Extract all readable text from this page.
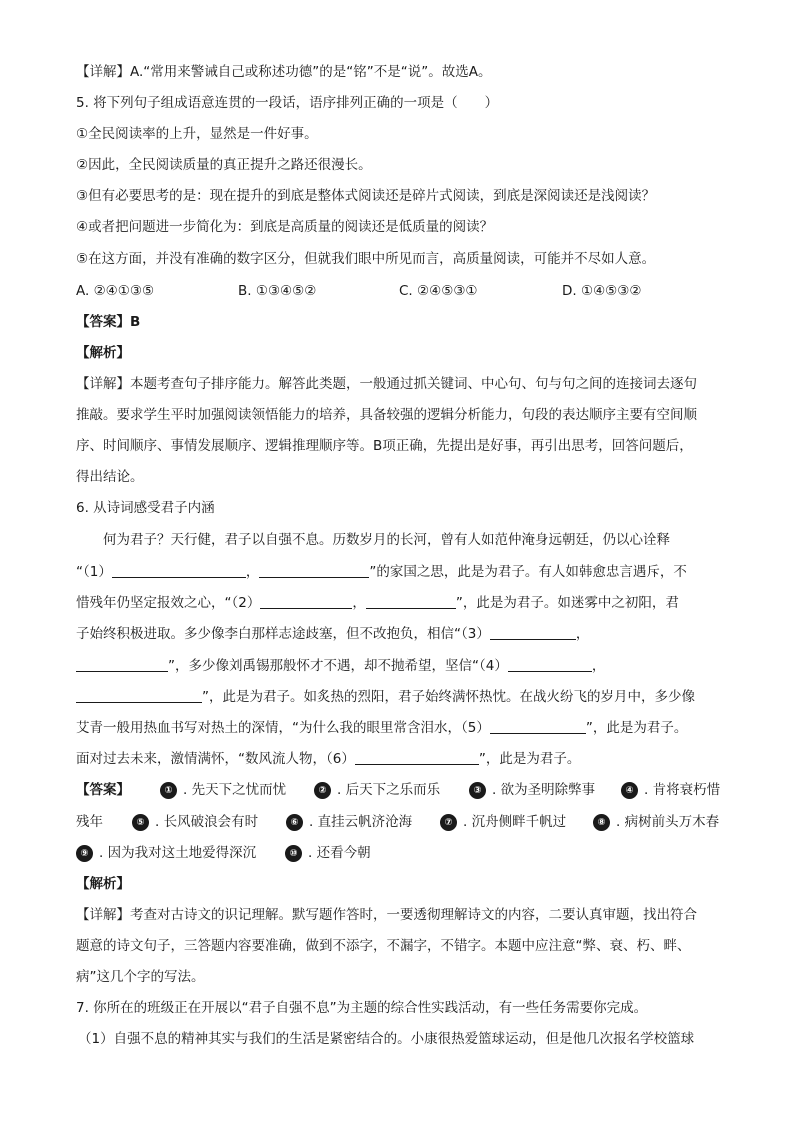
【详解】A.“常用来警诫自己或称述功德”的是“铭”不是“说”。故选A。
5. 将下列句子组成语意连贯的一段话，语序排列正确的一项是（　　）
①全民阅读率的上升，显然是一件好事。
②因此，全民阅读质量的真正提升之路还很漫长。
③但有必要思考的是：现在提升的到底是整体式阅读还是碎片式阅读，到底是深阅读还是浅阅读？
④或者把问题进一步简化为：到底是高质量的阅读还是低质量的阅读？
⑤在这方面，并没有准确的数字区分，但就我们眼中所见而言，高质量阅读，可能并不尽如人意。
A. ②④①③⑤	B. ①③④⑤②	C. ②④⑤③①	D. ①④⑤③②
【答案】B
【解析】
【详解】本题考查句子排序能力。解答此类题，一般通过抓关键词、中心句、句与句之间的连接词去逐句
推敲。要求学生平时加强阅读领悟能力的培养，具备较强的逻辑分析能力，句段的表达顺序主要有空间顺
序、时间顺序、事情发展顺序、逻辑推理顺序等。B项正确，先提出是好事，再引出思考，回答问题后，
得出结论。
6. 从诗词感受君子内涵
何为君子？天行健，君子以自强不息。历数岁月的长河，曾有人如范仲淹身远朝廷，仍以心诠释
“（1）	，	”的家国之思，此是为君子。有人如韩愈忠言遇斥，不
惜残年仍坚定报效之心，“（2）	，	”，此是为君子。如迷雾中之初阳，君
子始终积极进取。多少像李白那样志途歧塞，但不改抱负，相信“（3）	，
”，多少像刘禹锡那般怀才不遇，却不抛希望，坚信“（4）	，
”，此是为君子。如炙热的烈阳，君子始终满怀热忱。在战火纷飞的岁月中，多少像
艾青一般用热血书写对热土的深情，“为什么我的眼里常含泪水，（5）	”，此是为君子。
面对过去未来，激情满怀，“数风流人物，（6）	”，此是为君子。
【答案】	① . 先天下之忧而忧	② . 后天下之乐而乐	③ . 欲为圣明除弊事	④ . 肯将衰朽惜
残年	⑤ . 长风破浪会有时	⑥ . 直挂云帆济沧海	⑦ . 沉舟侧畔千帆过	⑧ . 病树前头万木春
⑨ . 因为我对这土地爱得深沉	⑩ . 还看今朝
【解析】
【详解】考查对古诗文的识记理解。默写题作答时，一要透彻理解诗文的内容，二要认真审题，找出符合
题意的诗文句子，三答题内容要准确，做到不添字，不漏字，不错字。本题中应注意“弊、衰、朽、畔、
病”这几个字的写法。
7. 你所在的班级正在开展以“君子自强不息”为主题的综合性实践活动，有一些任务需要你完成。
（1）自强不息的精神其实与我们的生活是紧密结合的。小康很热爱篮球运动，但是他几次报名学校篮球
